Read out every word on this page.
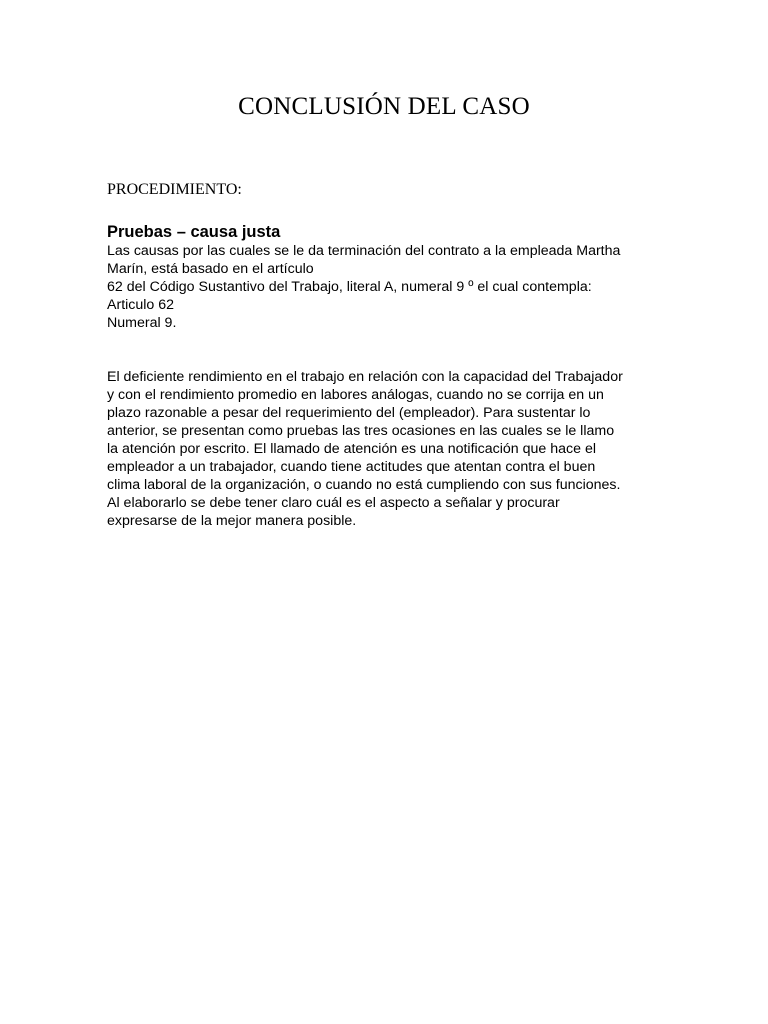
CONCLUSIÓN DEL CASO

PROCEDIMIENTO:

Pruebas – causa justa

Las causas por las cuales se le da terminación del contrato a la empleada Martha
Marín, está basado en el artículo
62 del Código Sustantivo del Trabajo, literal A, numeral 9 º el cual contempla:
Articulo 62
Numeral 9.
El deficiente rendimiento en el trabajo en relación con la capacidad del Trabajador
y con el rendimiento promedio en labores análogas, cuando no se corrija en un
plazo razonable a pesar del requerimiento del (empleador). Para sustentar lo
anterior, se presentan como pruebas las tres ocasiones en las cuales se le llamo
la atención por escrito. El llamado de atención es una notificación que hace el
empleador a un trabajador, cuando tiene actitudes que atentan contra el buen
clima laboral de la organización, o cuando no está cumpliendo con sus funciones.
Al elaborarlo se debe tener claro cuál es el aspecto a señalar y procurar
expresarse de la mejor manera posible.
